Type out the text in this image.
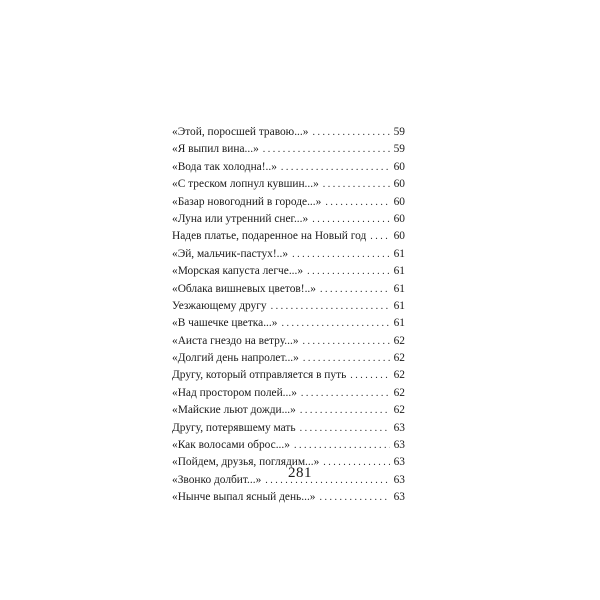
«Этой, поросшей травою...» . . .	59
«Я выпил вина...» . . .	59
«Вода так холодна!..» . . .	60
«С треском лопнул кувшин...» . . .	60
«Базар новогодний в городе...» . . .	60
«Луна или утренний снег...» . . .	60
Надев платье, подаренное на Новый год . . . 60
«Эй, мальчик-пастух!..» . . .	61
«Морская капуста легче...» . . .	61
«Облака вишневых цветов!..» . . .	61
Уезжающему другу . . .	61
«В чашечке цветка...» . . .	61
«Аиста гнездо на ветру...» . . .	62
«Долгий день напролет...» . . .	62
Другу, который отправляется в путь . . .	62
«Над простором полей...» . . .	62
«Майские льют дожди...» . . .	62
Другу, потерявшему мать . . .	63
«Как волосами оброс...» . . .	63
«Пойдем, друзья, поглядим...» . . .	63
«Звонко долбит...» . . .	63
«Нынче выпал ясный день...» . . .	63
281
